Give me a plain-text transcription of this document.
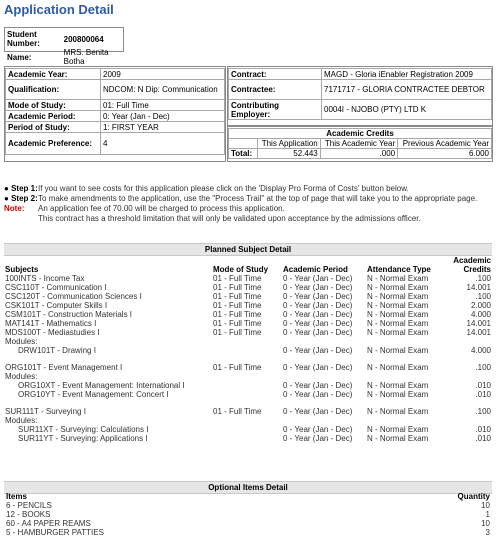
Application Detail
Student Number:	200800064
Name:	MRS. Benita Botha
Academic Year:	2009
Qualification:	NDCOM: N Dip: Communication
Mode of Study:	01: Full Time
Academic Period:	0: Year (Jan - Dec)
Period of Study:	1: FIRST YEAR
Academic Preference:	4
Contract:	MAGD - Gloria iEnabler Registration 2009
Contractee:	7171717 - GLORIA CONTRACTEE DEBTOR
Contributing Employer:	0004I - NJOBO (PTY) LTD K
Academic Credits			
	This Application	This Academic Year	Previous Academic Year
Total:	52.443	.000	6.000
● Step 1: If you want to see costs for this application please click on the 'Display Pro Forma of Costs' button below.
● Step 2: To make amendments to the application, use the "Process Trail" at the top of page that will take you to the appropriate page.
Note:	An application fee of 70.00 will be charged to process this application.
This contract has a threshold limitation that will only be validated upon acceptance by the admissions officer.
Planned Subject Detail
Subjects	Mode of Study	Academic Period	Attendance Type	Academic Credits
100INTS - Income Tax	01 - Full Time	0 - Year (Jan - Dec)	N - Normal Exam	.100
CSC110T - Communication I	01 - Full Time	0 - Year (Jan - Dec)	N - Normal Exam	14.001
CSC120T - Communication Sciences I	01 - Full Time	0 - Year (Jan - Dec)	N - Normal Exam	.100
CSK101T - Computer Skills I	01 - Full Time	0 - Year (Jan - Dec)	N - Normal Exam	2.000
CSM101T - Construction Materials I	01 - Full Time	0 - Year (Jan - Dec)	N - Normal Exam	4.000
MAT141T - Mathematics I	01 - Full Time	0 - Year (Jan - Dec)	N - Normal Exam	14.001
MDS100T - Mediastudies I	01 - Full Time	0 - Year (Jan - Dec)	N - Normal Exam	14.001
Modules:				
DRW101T - Drawing I		0 - Year (Jan - Dec)	N - Normal Exam	4.000

ORG101T - Event Management I	01 - Full Time	0 - Year (Jan - Dec)	N - Normal Exam	.100
Modules:				
ORG10XT - Event Management: International I		0 - Year (Jan - Dec)	N - Normal Exam	.010
ORG10YT - Event Management: Concert I		0 - Year (Jan - Dec)	N - Normal Exam	.010

SUR111T - Surveying I	01 - Full Time	0 - Year (Jan - Dec)	N - Normal Exam	.100
Modules:				
SUR11XT - Surveying: Calculations I		0 - Year (Jan - Dec)	N - Normal Exam	.010
SUR11YT - Surveying: Applications I		0 - Year (Jan - Dec)	N - Normal Exam	.010
Optional Items Detail
Items	Quantity
6 - PENCILS	10
12 - BOOKS	1
60 - A4 PAPER REAMS	10
5 - HAMBURGER PATTIES	3
